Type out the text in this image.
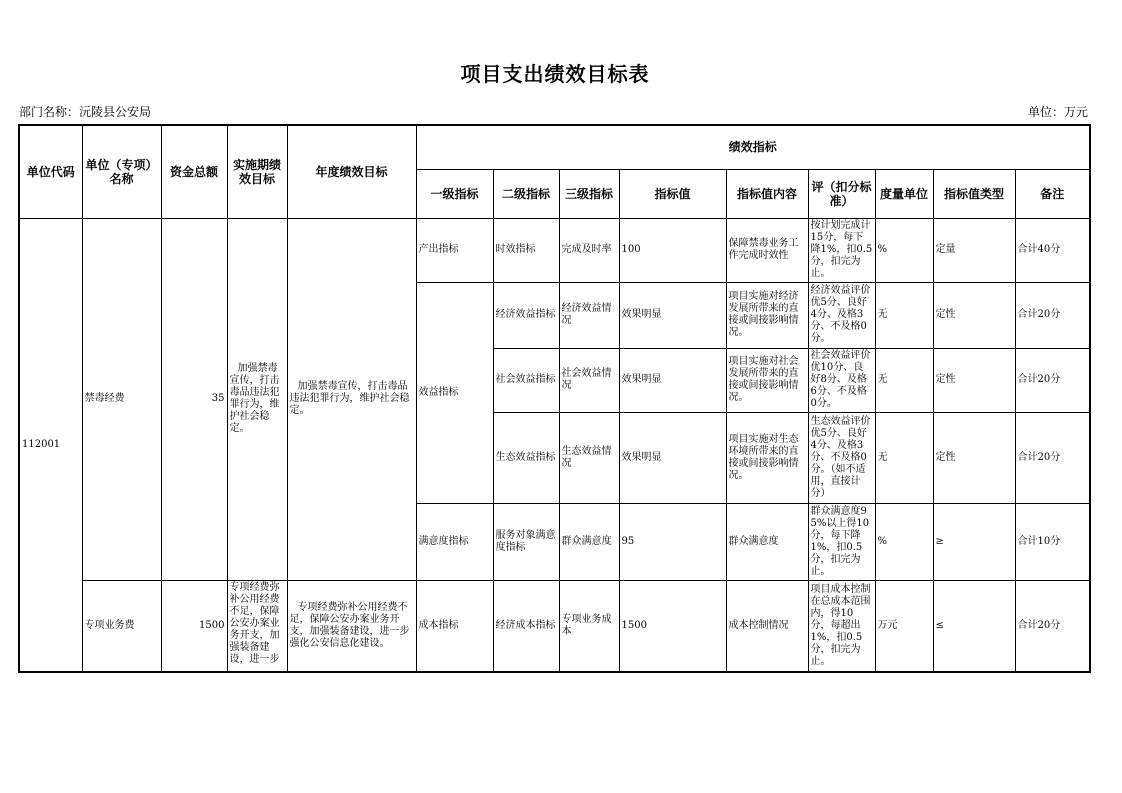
项目支出绩效目标表
部门名称：沅陵县公安局	单位：万元
单位代码	单位（专项）名称	资金总额	实施期绩效目标	年度绩效目标	绩效指标								
					一级指标	二级指标	三级指标	指标值	指标值内容	评（扣分标准）	度量单位	指标值类型	备注
112001	禁毒经费	35	加强禁毒宣传，打击毒品违法犯罪行为，维护社会稳定。	加强禁毒宣传，打击毒品违法犯罪行为，维护社会稳定。	产出指标	时效指标	完成及时率	100	保障禁毒业务工作完成时效性	按计划完成计15分，每下降1%，扣0.5分，扣完为止。	%	定量	合计40分
					效益指标	经济效益指标	经济效益情况	效果明显	项目实施对经济发展所带来的直接或间接影响情况。	经济效益评价优5分、良好4分、及格3分、不及格0分。	无	定性	合计20分
						社会效益指标	社会效益情况	效果明显	项目实施对社会发展所带来的直接或间接影响情况。	社会效益评价优10分、良好8分、及格6分、不及格0分。	无	定性	合计20分
						生态效益指标	生态效益情况	效果明显	项目实施对生态环境所带来的直接或间接影响情况。	生态效益评价优5分、良好4分、及格3分、不及格0分。（如不适用，直接计分）	无	定性	合计20分
					满意度指标	服务对象满意度指标	群众满意度	95	群众满意度	群众满意度95%以上得10分，每下降1%，扣0.5分，扣完为止。	%	≥	合计10分
	专项业务费	1500	专项经费弥补公用经费不足，保障公安办案业务开支，加强装备建设，进一步	专项经费弥补公用经费不足，保障公安办案业务开支，加强装备建设，进一步强化公安信息化建设。	成本指标	经济成本指标	专项业务成本	1500	成本控制情况	项目成本控制在总成本范围内，得10分，每超出1%，扣0.5分，扣完为止。	万元	≤	合计20分
